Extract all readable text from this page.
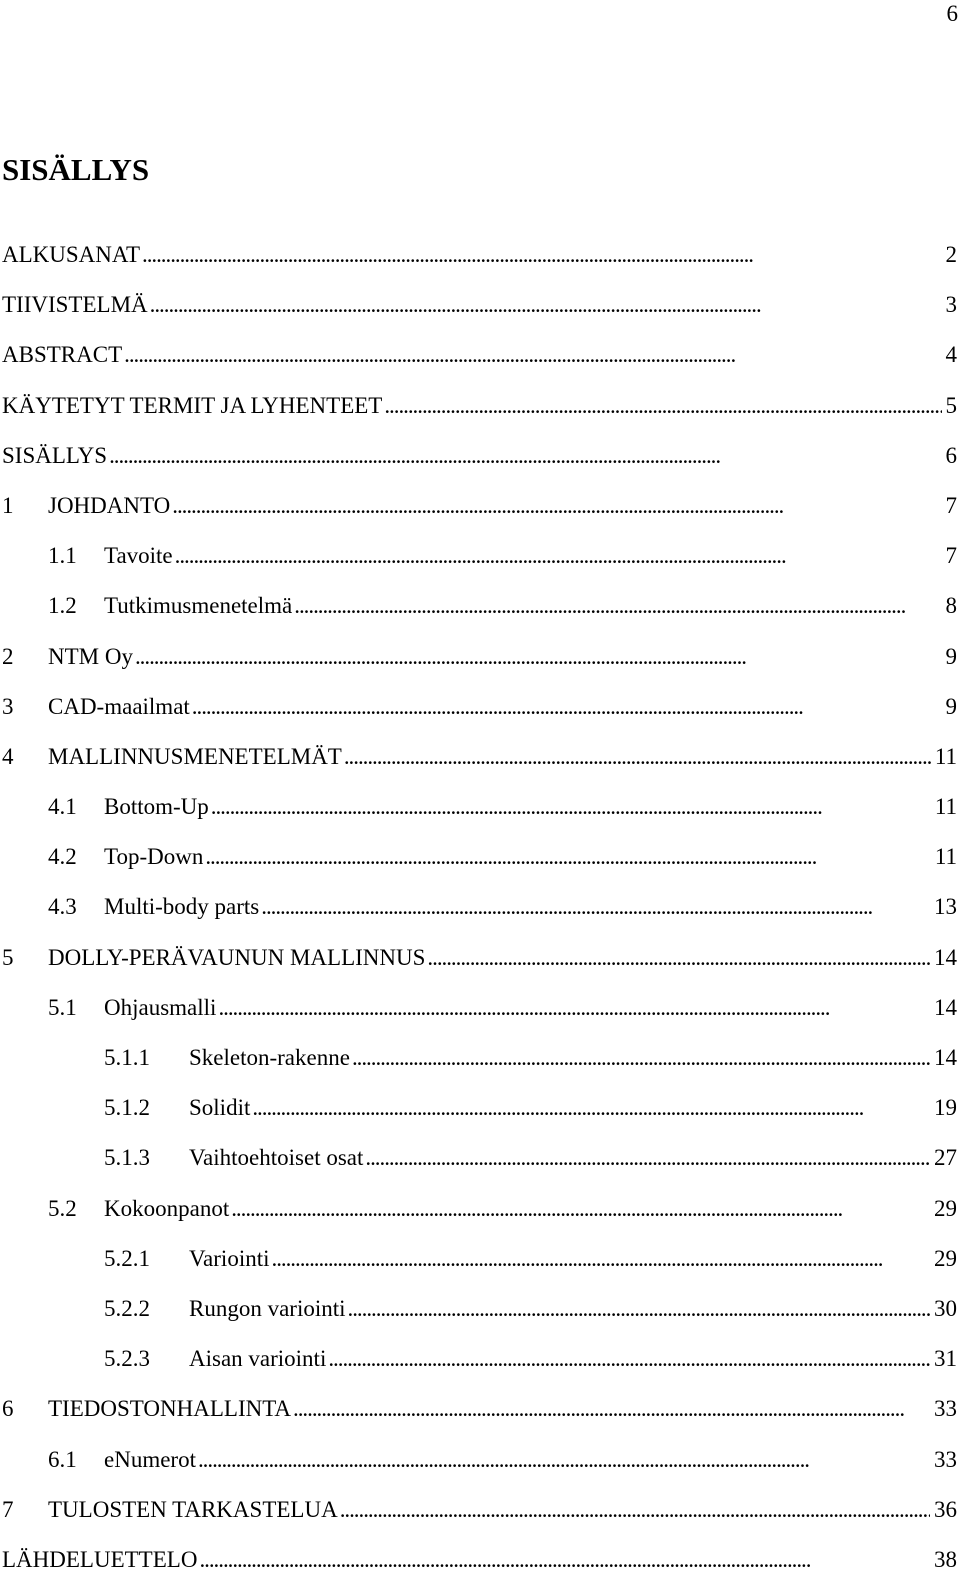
6
SISÄLLYS
ALKUSANAT . . .	2
TIIVISTELMÄ . . .	3
ABSTRACT . . .	4
KÄYTETYT TERMIT JA LYHENTEET . . .	5
SISÄLLYS . . .	6
1	JOHDANTO . . .	7
1.1	Tavoite . . .	7
1.2	Tutkimusmenetelmä . . .	8
2	NTM Oy . . .	9
3	CAD-maailmat . . .	9
4	MALLINNUSMENETELMÄT . . .	11
4.1	Bottom-Up . . .	11
4.2	Top-Down . . .	11
4.3	Multi-body parts . . .	13
5	DOLLY-PERÄVAUNUN MALLINNUS . . .	14
5.1	Ohjausmalli . . .	14
5.1.1	Skeleton-rakenne . . .	14
5.1.2	Solidit . . .	19
5.1.3	Vaihtoehtoiset osat . . .	27
5.2	Kokoonpanot . . .	29
5.2.1	Variointi . . .	29
5.2.2	Rungon variointi . . .	30
5.2.3	Aisan variointi . . .	31
6	TIEDOSTONHALLINTA . . .	33
6.1	eNumerot . . .	33
7	TULOSTEN TARKASTELUA . . .	36
LÄHDELUETTELO . . .	38
